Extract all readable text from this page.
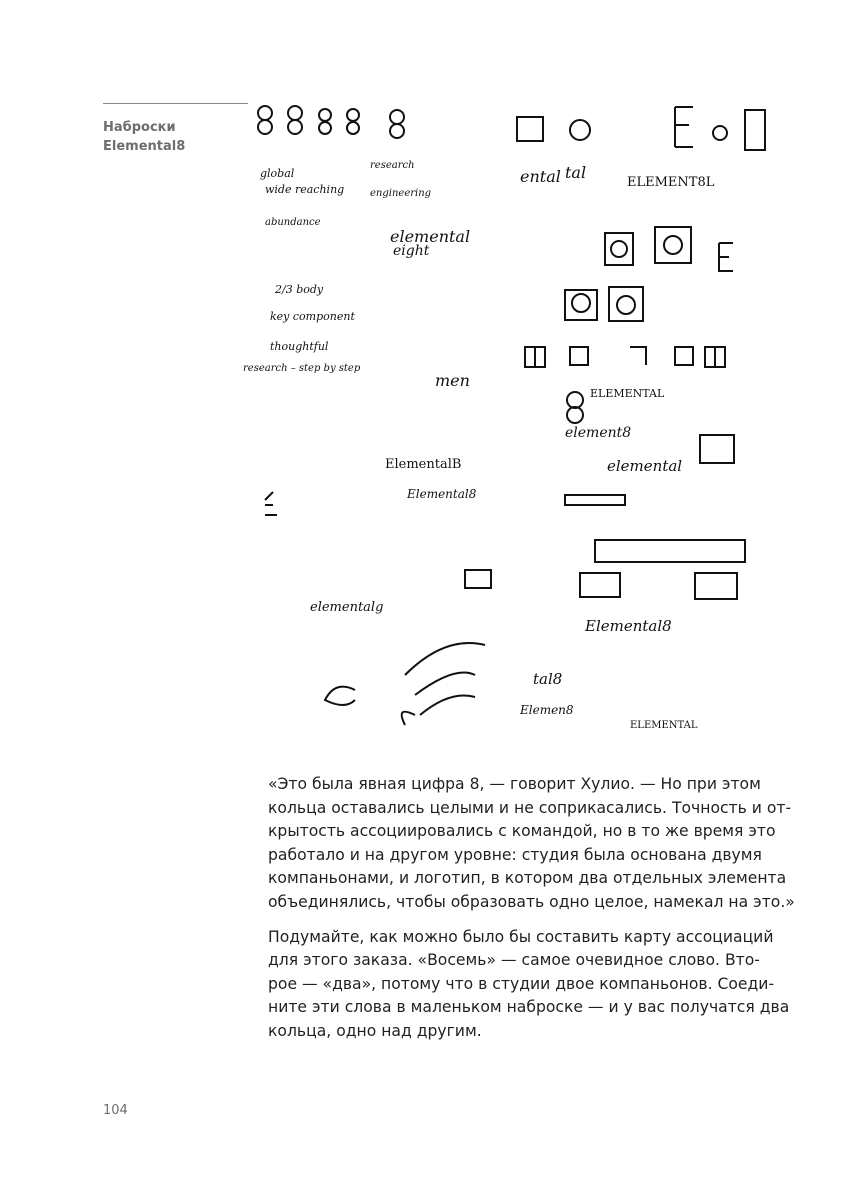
Наброски
Elemental8
global
wide reaching
research
engineering
abundance
elemental
eight
ELEMENT8L
ental tal
2/3 body
key component
thoughtful
research – step by step
men
ELEMENTAL
element8
elemental
ElementalB
Elemental8
elementalg
Elemental8
tal8
Elemen8
ELEMENTAL

«Это была явная цифра 8, — говорит Хулио. — Но при этом
кольца оставались целыми и не соприкасались. Точность и от-
крытость ассоциировались с командой, но в то же время это
работало и на другом уровне: студия была основана двумя
компаньонами, и логотип, в котором два отдельных элемента
объединялись, чтобы образовать одно целое, намекал на это.»

Подумайте, как можно было бы составить карту ассоциаций
для этого заказа. «Восемь» — самое очевидное слово. Вто-
рое — «два», потому что в студии двое компаньонов. Соеди-
ните эти слова в маленьком наброске — и у вас получатся два
кольца, одно над другим.

104
